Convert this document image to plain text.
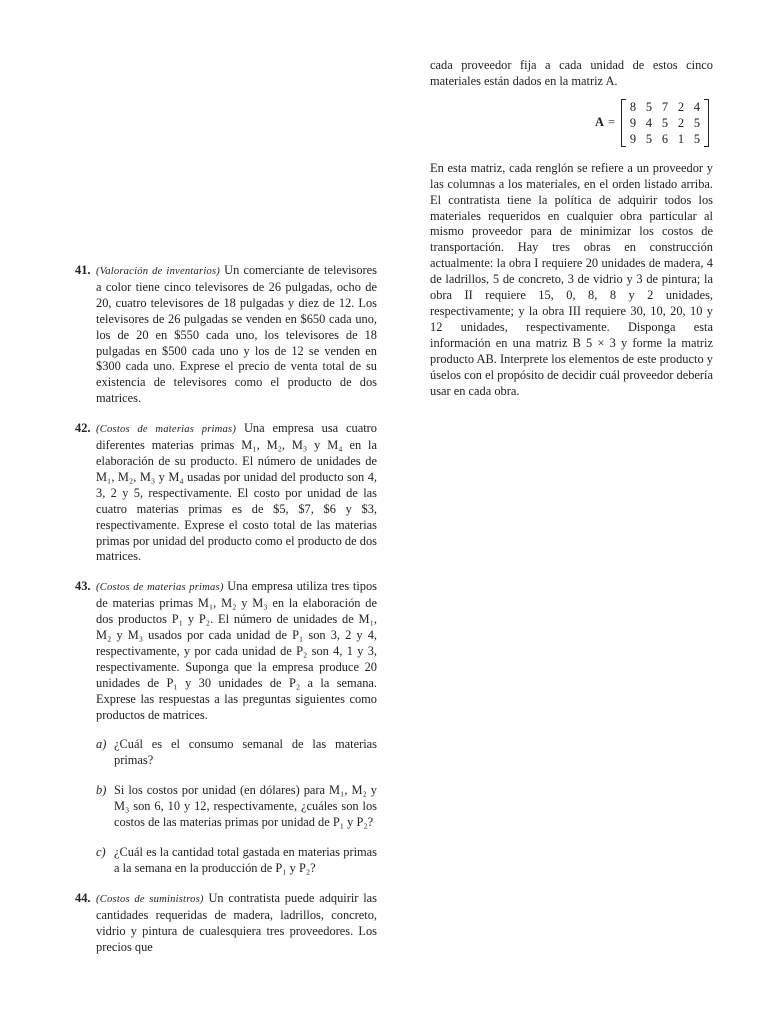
41. (Valoración de inventarios) Un comerciante de televisores a color tiene cinco televisores de 26 pulgadas, ocho de 20, cuatro televisores de 18 pulgadas y diez de 12. Los televisores de 26 pulgadas se venden en $650 cada uno, los de 20 en $550 cada uno, los televisores de 18 pulgadas en $500 cada uno y los de 12 se venden en $300 cada uno. Exprese el precio de venta total de su existencia de televisores como el producto de dos matrices.

42. (Costos de materias primas) Una empresa usa cuatro diferentes materias primas M₁, M₂, M₃ y M₄ en la elaboración de su producto. El número de unidades de M₁, M₂, M₃ y M₄ usadas por unidad del producto son 4, 3, 2 y 5, respectivamente. El costo por unidad de las cuatro materias primas es de $5, $7, $6 y $3, respectivamente. Exprese el costo total de las materias primas por unidad del producto como el producto de dos matrices.

43. (Costos de materias primas) Una empresa utiliza tres tipos de materias primas M₁, M₂ y M₃ en la elaboración de dos productos P₁ y P₂. El número de unidades de M₁, M₂ y M₃ usados por cada unidad de P₁ son 3, 2 y 4, respectivamente, y por cada unidad de P₂ son 4, 1 y 3, respectivamente. Suponga que la empresa produce 20 unidades de P₁ y 30 unidades de P₂ a la semana. Exprese las respuestas a las preguntas siguientes como productos de matrices.

a) ¿Cuál es el consumo semanal de las materias primas?

b) Si los costos por unidad (en dólares) para M₁, M₂ y M₃ son 6, 10 y 12, respectivamente, ¿cuáles son los costos de las materias primas por unidad de P₁ y P₂?

c) ¿Cuál es la cantidad total gastada en materias primas a la semana en la producción de P₁ y P₂?

44. (Costos de suministros) Un contratista puede adquirir las cantidades requeridas de madera, ladrillos, concreto, vidrio y pintura de cualesquiera tres proveedores. Los precios que

cada proveedor fija a cada unidad de estos cinco materiales están dados en la matriz A.

A =
8 5 7 2 4
9 4 5 2 5
9 5 6 1 5

En esta matriz, cada renglón se refiere a un proveedor y las columnas a los materiales, en el orden listado arriba. El contratista tiene la política de adquirir todos los materiales requeridos en cualquier obra particular al mismo proveedor para de minimizar los costos de transportación. Hay tres obras en construcción actualmente: la obra I requiere 20 unidades de madera, 4 de ladrillos, 5 de concreto, 3 de vidrio y 3 de pintura; la obra II requiere 15, 0, 8, 8 y 2 unidades, respectivamente; y la obra III requiere 30, 10, 20, 10 y 12 unidades, respectivamente. Disponga esta información en una matriz B 5 × 3 y forme la matriz producto AB. Interprete los elementos de este producto y úselos con el propósito de decidir cuál proveedor debería usar en cada obra.
